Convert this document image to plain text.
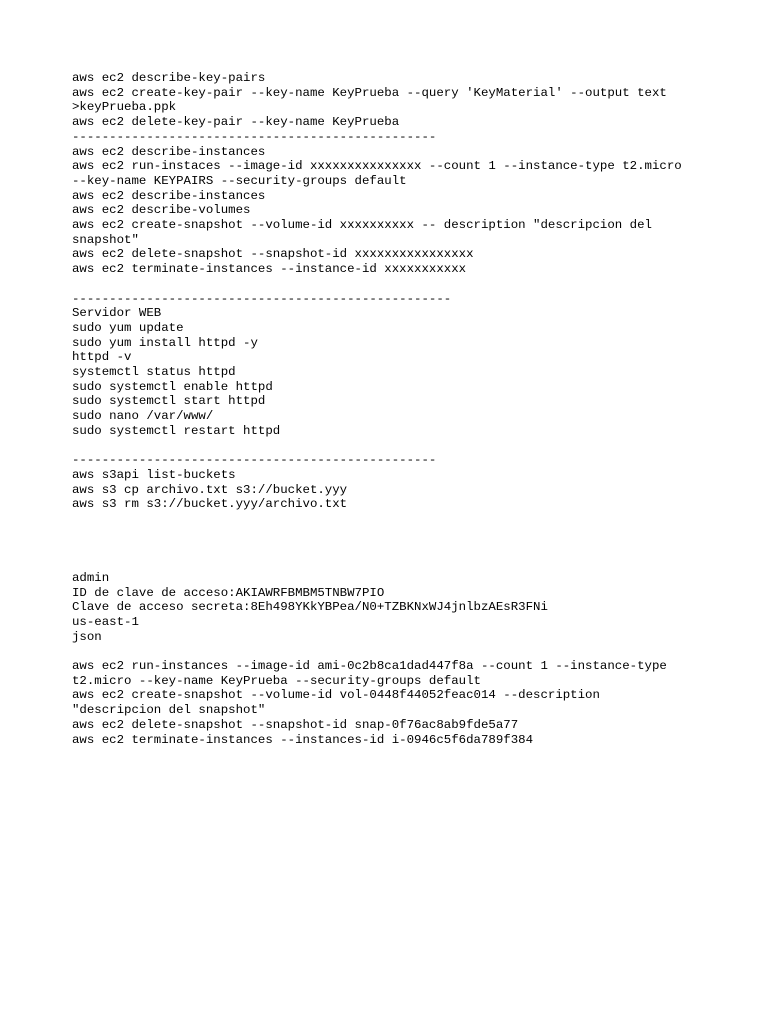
aws ec2 describe-key-pairs
aws ec2 create-key-pair --key-name KeyPrueba --query 'KeyMaterial' --output text
>keyPrueba.ppk
aws ec2 delete-key-pair --key-name KeyPrueba
-------------------------------------------------
aws ec2 describe-instances
aws ec2 run-instaces --image-id xxxxxxxxxxxxxxx --count 1 --instance-type t2.micro
--key-name KEYPAIRS --security-groups default
aws ec2 describe-instances
aws ec2 describe-volumes
aws ec2 create-snapshot --volume-id xxxxxxxxxx -- description "descripcion del
snapshot"
aws ec2 delete-snapshot --snapshot-id xxxxxxxxxxxxxxxx
aws ec2 terminate-instances --instance-id xxxxxxxxxxx
---------------------------------------------------
Servidor WEB
sudo yum update
sudo yum install httpd -y
httpd -v
systemctl status httpd
sudo systemctl enable httpd
sudo systemctl start httpd
sudo nano /var/www/
sudo systemctl restart httpd
-------------------------------------------------
aws s3api list-buckets
aws s3 cp archivo.txt s3://bucket.yyy
aws s3 rm s3://bucket.yyy/archivo.txt
admin
ID de clave de acceso:AKIAWRFBMBM5TNBW7PIO
Clave de acceso secreta: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
us-east-1
json
aws ec2 run-instances --image-id ami-0c2b8ca1dad447f8a --count 1 --instance-type
t2.micro --key-name KeyPrueba --security-groups default
aws ec2 create-snapshot --volume-id vol-0448f44052feac014 --description
"descripcion del snapshot"
aws ec2 delete-snapshot --snapshot-id snap-0f76ac8ab9fde5a77
aws ec2 terminate-instances --instances-id i-0946c5f6da789f384
